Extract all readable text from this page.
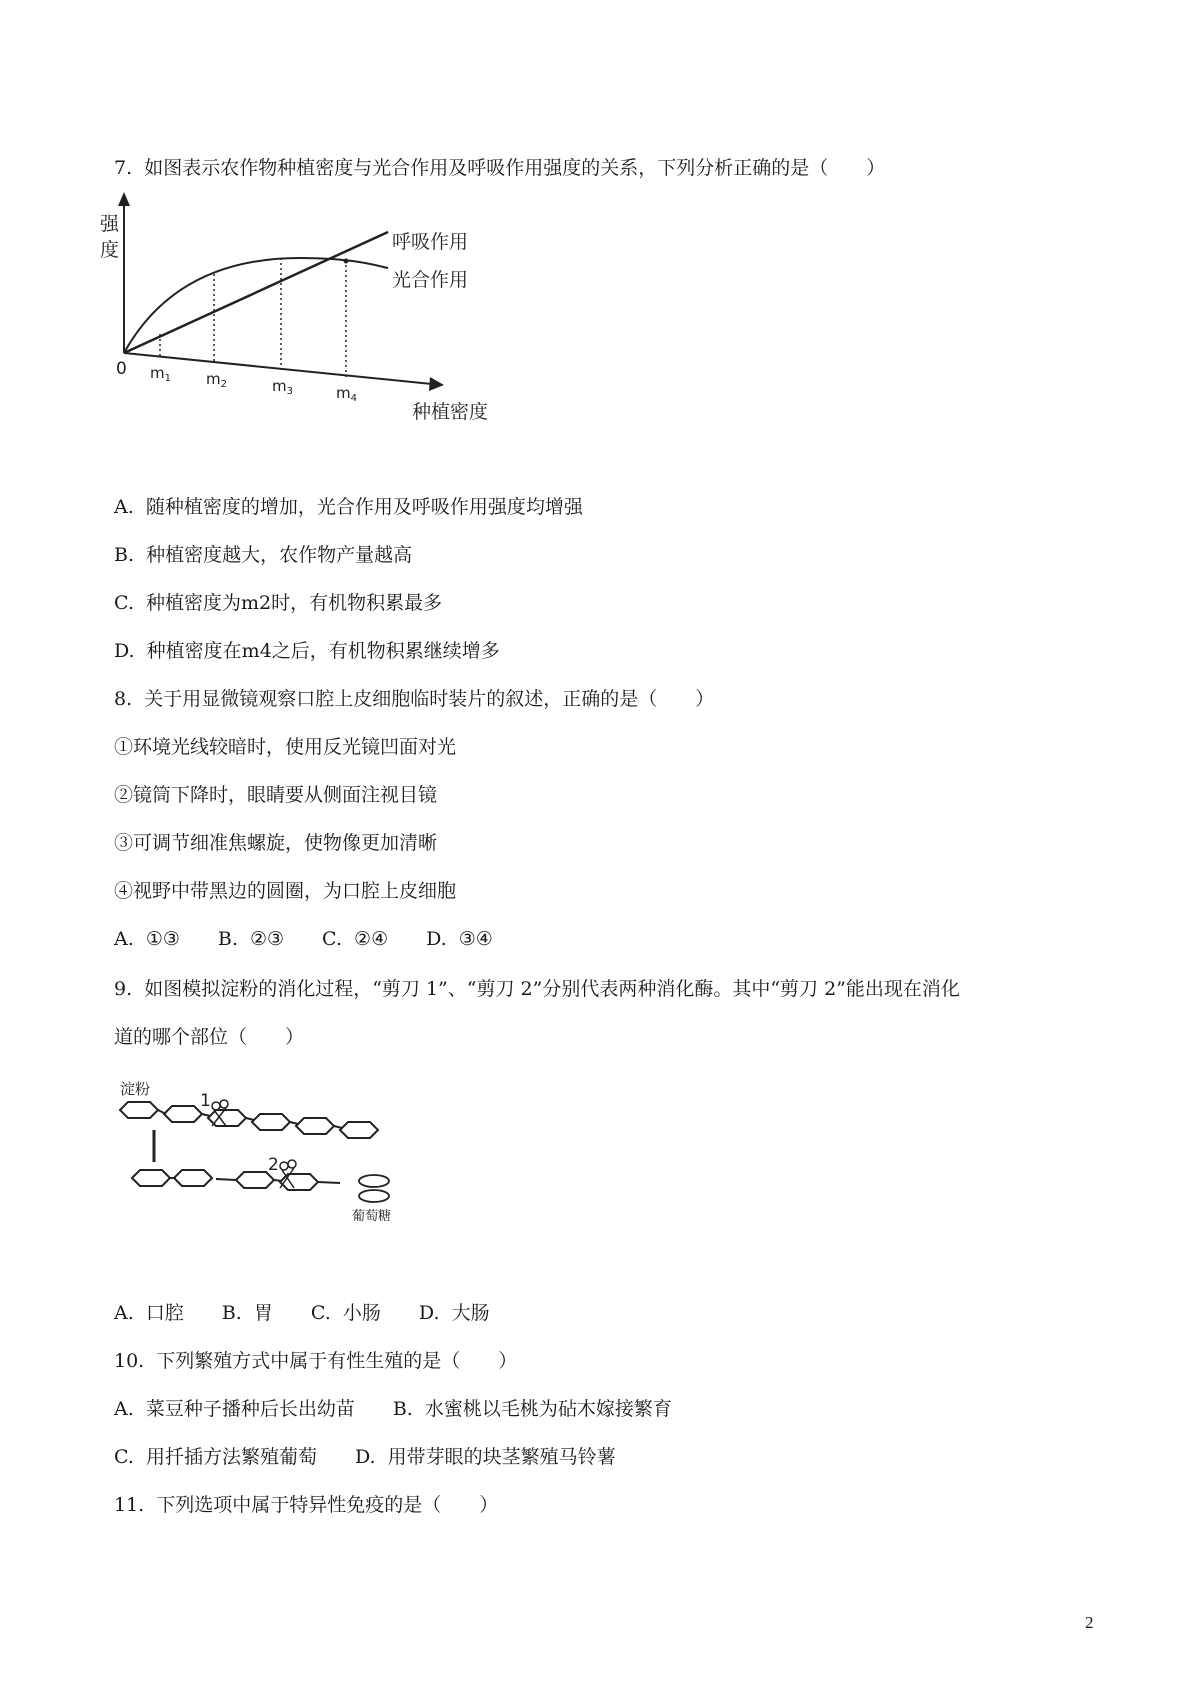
7.  如图表示农作物种植密度与光合作用及呼吸作用强度的关系，下列分析正确的是（　　）
强
度
0
呼吸作用
光合作用
种植密度
$m_1$ $m_2$	$m_3$	$m_4$
A.  随种植密度的增加，光合作用及呼吸作用强度均增强
B.  种植密度越大，农作物产量越高
C.  种植密度为m2时，有机物积累最多
D.  种植密度在m4之后，有机物积累继续增多
8.  关于用显微镜观察口腔上皮细胞临时装片的叙述，正确的是（　　）
①环境光线较暗时，使用反光镜凹面对光
②镜筒下降时，眼睛要从侧面注视目镜
③可调节细准焦螺旋，使物像更加清晰
④视野中带黑边的圆圈，为口腔上皮细胞
A.  ①③　　B.  ②③　　C.  ②④　　D.  ③④
9.  如图模拟淀粉的消化过程，“剪刀 1”、“剪刀 2”分别代表两种消化酶。其中“剪刀 2”能出现在消化
道的哪个部位（　　）
淀粉
1
2
葡萄糖
A.  口腔　　B.  胃　　C.  小肠　　D.  大肠
10.  下列繁殖方式中属于有性生殖的是（　　）
A.  菜豆种子播种后长出幼苗　　B.  水蜜桃以毛桃为砧木嫁接繁育
C.  用扦插方法繁殖葡萄　　D.  用带芽眼的块茎繁殖马铃薯
11.  下列选项中属于特异性免疫的是（　　）
2
